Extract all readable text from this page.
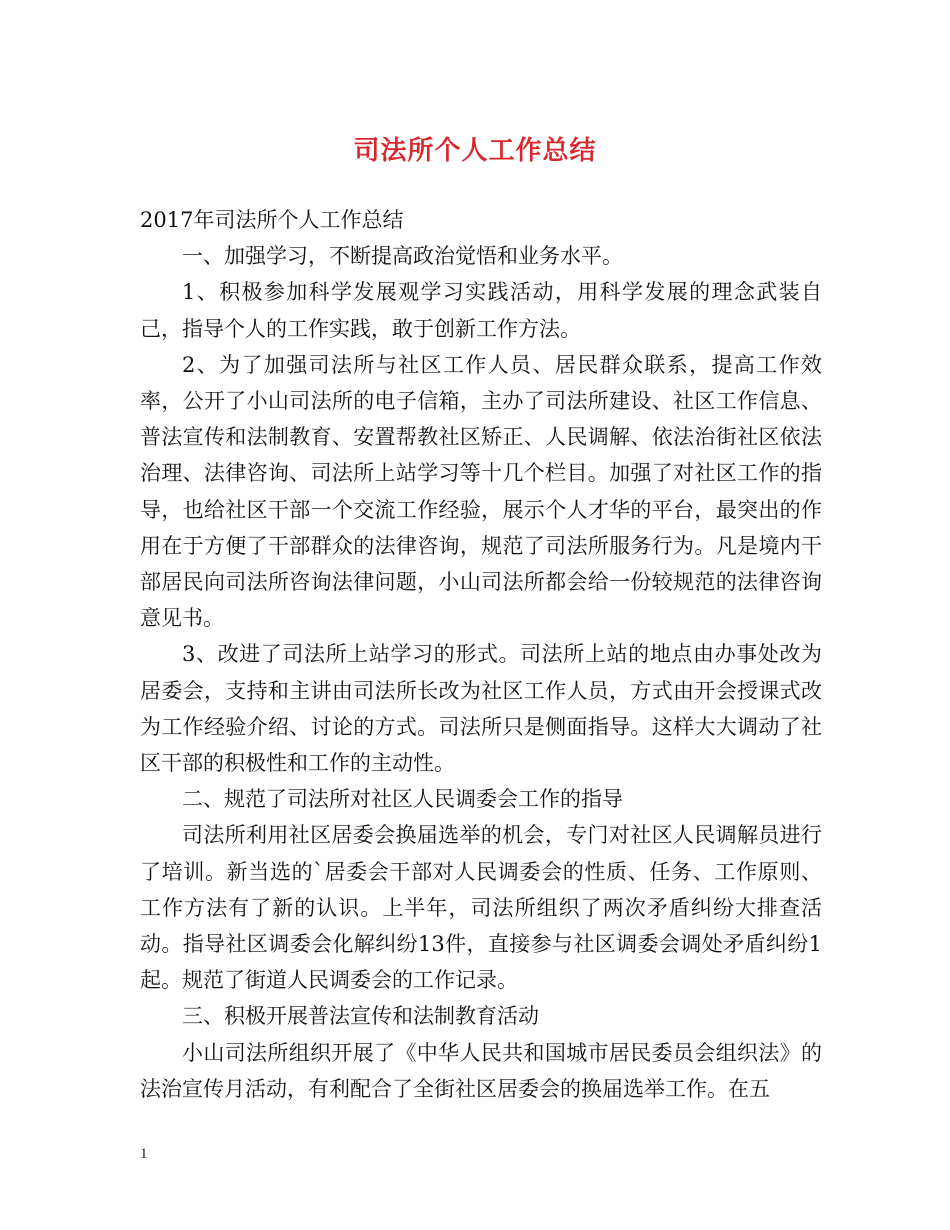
司法所个人工作总结

2017年司法所个人工作总结

一、加强学习，不断提高政治觉悟和业务水平。

1、积极参加科学发展观学习实践活动，用科学发展的理念武装自己，指导个人的工作实践，敢于创新工作方法。

2、为了加强司法所与社区工作人员、居民群众联系，提高工作效率，公开了小山司法所的电子信箱，主办了司法所建设、社区工作信息、普法宣传和法制教育、安置帮教社区矫正、人民调解、依法治街社区依法治理、法律咨询、司法所上站学习等十几个栏目。加强了对社区工作的指导，也给社区干部一个交流工作经验，展示个人才华的平台，最突出的作用在于方便了干部群众的法律咨询，规范了司法所服务行为。凡是境内干部居民向司法所咨询法律问题，小山司法所都会给一份较规范的法律咨询意见书。

3、改进了司法所上站学习的形式。司法所上站的地点由办事处改为居委会，支持和主讲由司法所长改为社区工作人员，方式由开会授课式改为工作经验介绍、讨论的方式。司法所只是侧面指导。这样大大调动了社区干部的积极性和工作的主动性。

二、规范了司法所对社区人民调委会工作的指导

司法所利用社区居委会换届选举的机会，专门对社区人民调解员进行了培训。新当选的`居委会干部对人民调委会的性质、任务、工作原则、工作方法有了新的认识。上半年，司法所组织了两次矛盾纠纷大排查活动。指导社区调委会化解纠纷13件，直接参与社区调委会调处矛盾纠纷1起。规范了街道人民调委会的工作记录。

三、积极开展普法宣传和法制教育活动

小山司法所组织开展了《中华人民共和国城市居民委员会组织法》的法治宣传月活动，有利配合了全街社区居委会的换届选举工作。在五

1
